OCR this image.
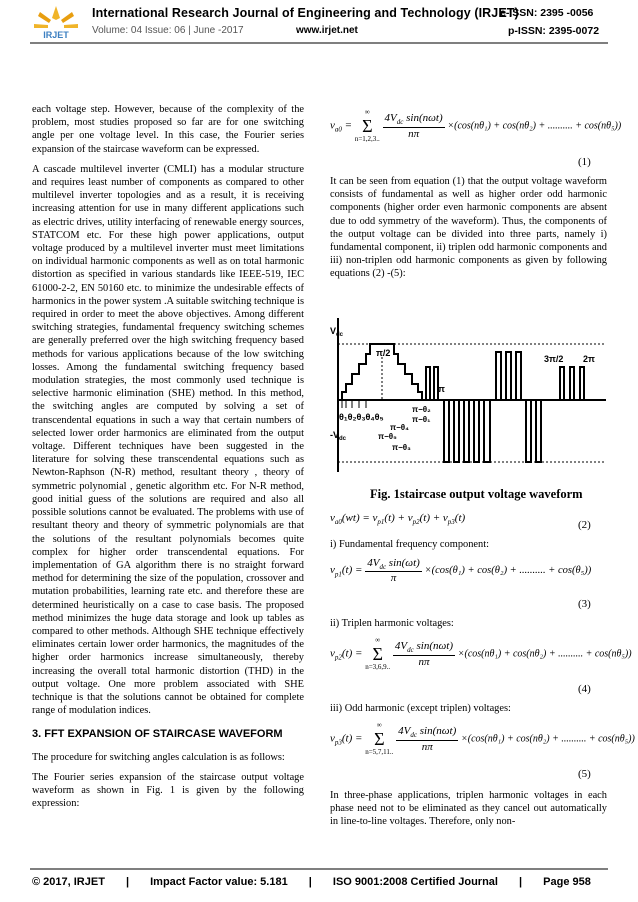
IRJET
International Research Journal of Engineering and Technology (IRJET)
e-ISSN: 2395 -0056
Volume: 04 Issue: 06 | June -2017	www.irjet.net	p-ISSN: 2395-0072

each voltage step. However, because of the complexity of the problem, most studies proposed so far are for one switching angle per one voltage level. In this case, the Fourier series expansion of the staircase waveform can be expressed.

A cascade multilevel inverter (CMLI) has a modular structure and requires least number of components as compared to other multilevel inverter topologies and as a result, it is receiving increasing attention for use in many different applications such as electric drives, utility interfacing of renewable energy sources, STATCOM etc. For these high power applications, output voltage produced by a multilevel inverter must meet limitations on individual harmonic components as well as on total harmonic distortion as specified in various standards like IEEE-519, IEC 61000-2-2, EN 50160 etc. to minimize the undesirable effects of harmonics in the power system .A suitable switching technique is required in order to meet the above objectives. Among different switching strategies, fundamental frequency switching schemes are generally preferred over the high switching frequency based methods for various applications because of the low switching losses. Among the fundamental switching frequency based modulation strategies, the most commonly used technique is selective harmonic elimination (SHE) method. In this method, the switching angles are computed by solving a set of transcendental equations in such a way that certain numbers of selected lower order harmonics are eliminated from the output voltage. Different techniques have been suggested in the literature for solving these transcendental equations such as Newton-Raphson (N-R) method, resultant theory , theory of symmetric polynomial , genetic algorithm etc. For N-R method, good initial guess of the solutions are required and also all possible solutions cannot be evaluated. The problems with use of resultant theory and theory of symmetric polynomials are that the solutions of the resultant polynomials becomes quite complex for higher order transcendental equations. For implementation of GA algorithm there is no straight forward method for determining the size of the population, crossover and mutation probabilities, learning rate etc. and therefore these are determined heuristically on a case to case basis. The proposed method minimizes the huge data storage and look up tables as compared to other methods. Although SHE technique effectively eliminates certain lower order harmonics, the magnitudes of the higher order harmonics increase simultaneously, thereby increasing the overall total harmonic distortion (THD) in the output voltage. One more problem associated with SHE technique is that the solutions cannot be obtained for complete range of modulation indices.

3. FFT EXPANSION OF STAIRCASE WAVEFORM

The procedure for switching angles calculation is as follows:

The Fourier series expansion of the staircase output voltage waveform as shown in Fig. 1 is given by the following expression:

$v_{a0}$ =
∞
Σ
n=1,2,3..
$\frac{4V_{dc} \sin(n\omega t)}{n\pi} \times(\cos(n\theta_1) + \cos(n\theta_2)$ + .......... + cos(nθ₅))
(1)
It can be seen from equation (1) that the output voltage waveform consists of fundamental as well as higher order odd harmonic components (higher order even harmonic components are absent due to odd symmetry of the waveform). Thus, the components of the output voltage can be divided into three parts, namely i) fundamental component, ii) triplen odd harmonic components and iii) non-triplen odd harmonic components as given by following equations (2) -(5):
$V_{dc}$
$-V_{dc}$
π/2
π
3π/2 2π
θ₁θ₂θ₃θ₄θ₅
π−θ₂
π−θ₁
π−θ₄
π−θ₅
π−θ₃
Fig. 1staircase output voltage waveform
$v_{a0}(wt) = v_{p1}(t) + v_{p2}(t) + v_{p3}(t)$
(2)
i) Fundamental frequency component:
$v_{p1}(t) = \frac{4V_{dc} \sin(\omega t)}{\pi} \times(\cos(\theta_1) + \cos(\theta_2)$ + .......... + cos(θ₅))
(3)
ii) Triplen harmonic voltages:
$v_{p2}(t)$ =
∞
Σ
n=3,6,9..
$\frac{4V_{dc} \sin(n\omega t)}{n\pi} \times(\cos(n\theta_1) + \cos(n\theta_2)$ + .......... + cos(nθ₅))
(4)
iii) Odd harmonic (except triplen) voltages:
$v_{p3}(t)$ =
∞
Σ
n=5,7,11..
$\frac{4V_{dc} \sin(n\omega t)}{n\pi} \times(\cos(n\theta_1) + \cos(n\theta_2)$ + .......... + cos(nθ₅))
(5)
In three-phase applications, triplen harmonic voltages in each phase need not to be eliminated as they cancel out automatically in line-to-line voltages. Therefore, only non-
© 2017, IRJET | Impact Factor value: 5.181 | ISO 9001:2008 Certified Journal | Page 958
